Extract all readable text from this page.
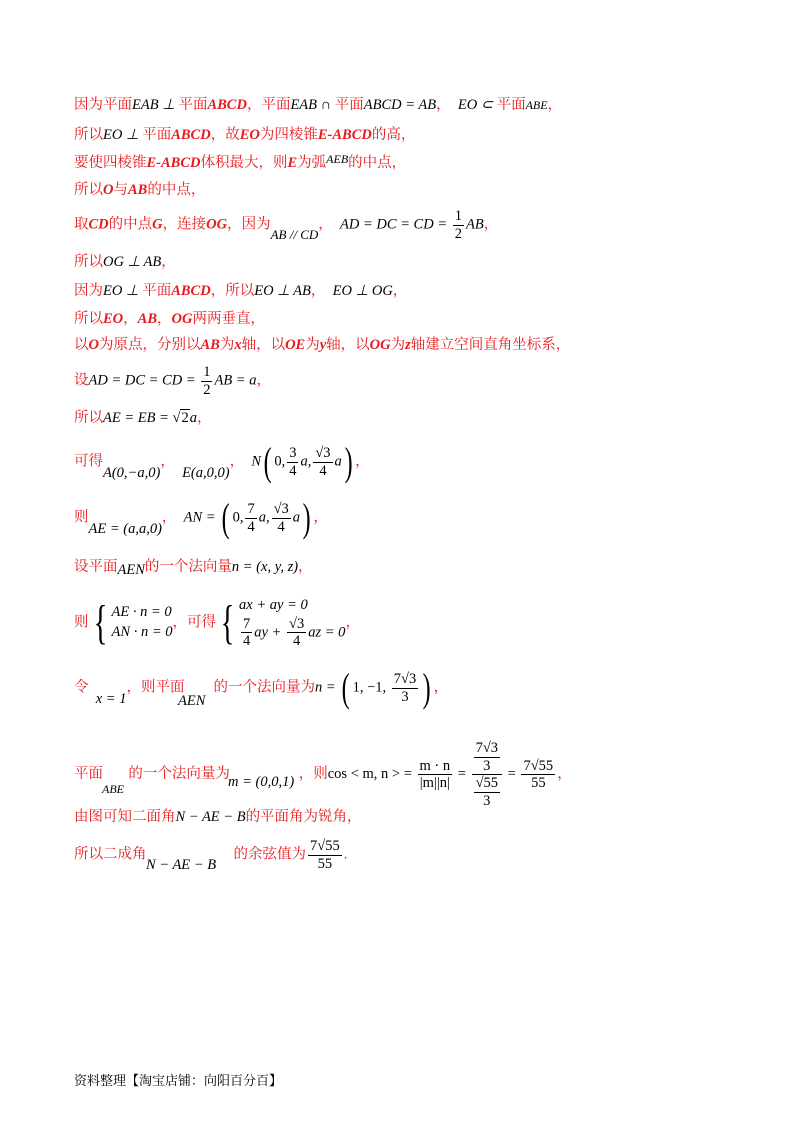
因为平面EAB ⊥ 平面ABCD，平面EAB ∩ 平面ABCD = AB， EO ⊂ 平面ABE，
所以EO ⊥ 平面ABCD，故EO为四棱锥E-ABCD的高，
要使四棱锥E-ABCD体积最大，则E为弧$^{AEB}$的中点，
所以O与AB的中点，
取CD的中点G，连接OG，因为AB // CD， AD = DC = CD = $\frac{1}{2}$ AB，
所以OG ⊥ AB，
因为EO ⊥ 平面ABCD，所以EO ⊥ AB， EO ⊥ OG，
所以EO，AB，OG两两垂直，
以O为原点，分别以AB为x轴，以OE为y轴，以OG为z轴建立空间直角坐标系，
设AD = DC = CD = $\frac{1}{2}$ AB = a，
所以AE = EB = √2a，
可得A(0,−a,0)，  E(a,0,0)， N( 0, $\frac{3}{4} a$, $\frac{√3}{4} a$) ，
则AE = (a,a,0)， AN = ( 0, $\frac{7}{4} a$, $\frac{√3}{4} a$) ，
设平面AEN的一个法向量n = (x, y, z)，
则{ AE · n = 0
AN · n = 0
，可得{ ax + ay = 0
$\frac{7}{4}$ ay + $\frac{√3}{4}$ az = 0
，
令  x = 1，则平面 的一个法向量为n = ( 1, −1, $\frac{7√3}{3}$ ) ，
AEN
平面 的一个法向量为	，则cos < m, n > = $\frac{m \cdot n}{|m||n|} = \frac{\frac{7√3}{3}}{\frac{√55}{3}} = \frac{7√55}{55}$ ，
ABE	m = (0,0,1)
由图可知二面角N − AE − B的平面角为锐角，
所以二成角	的余弦值为 $\frac{7√55}{55}$ .
N − AE − B
资料整理【淘宝店铺：向阳百分百】
